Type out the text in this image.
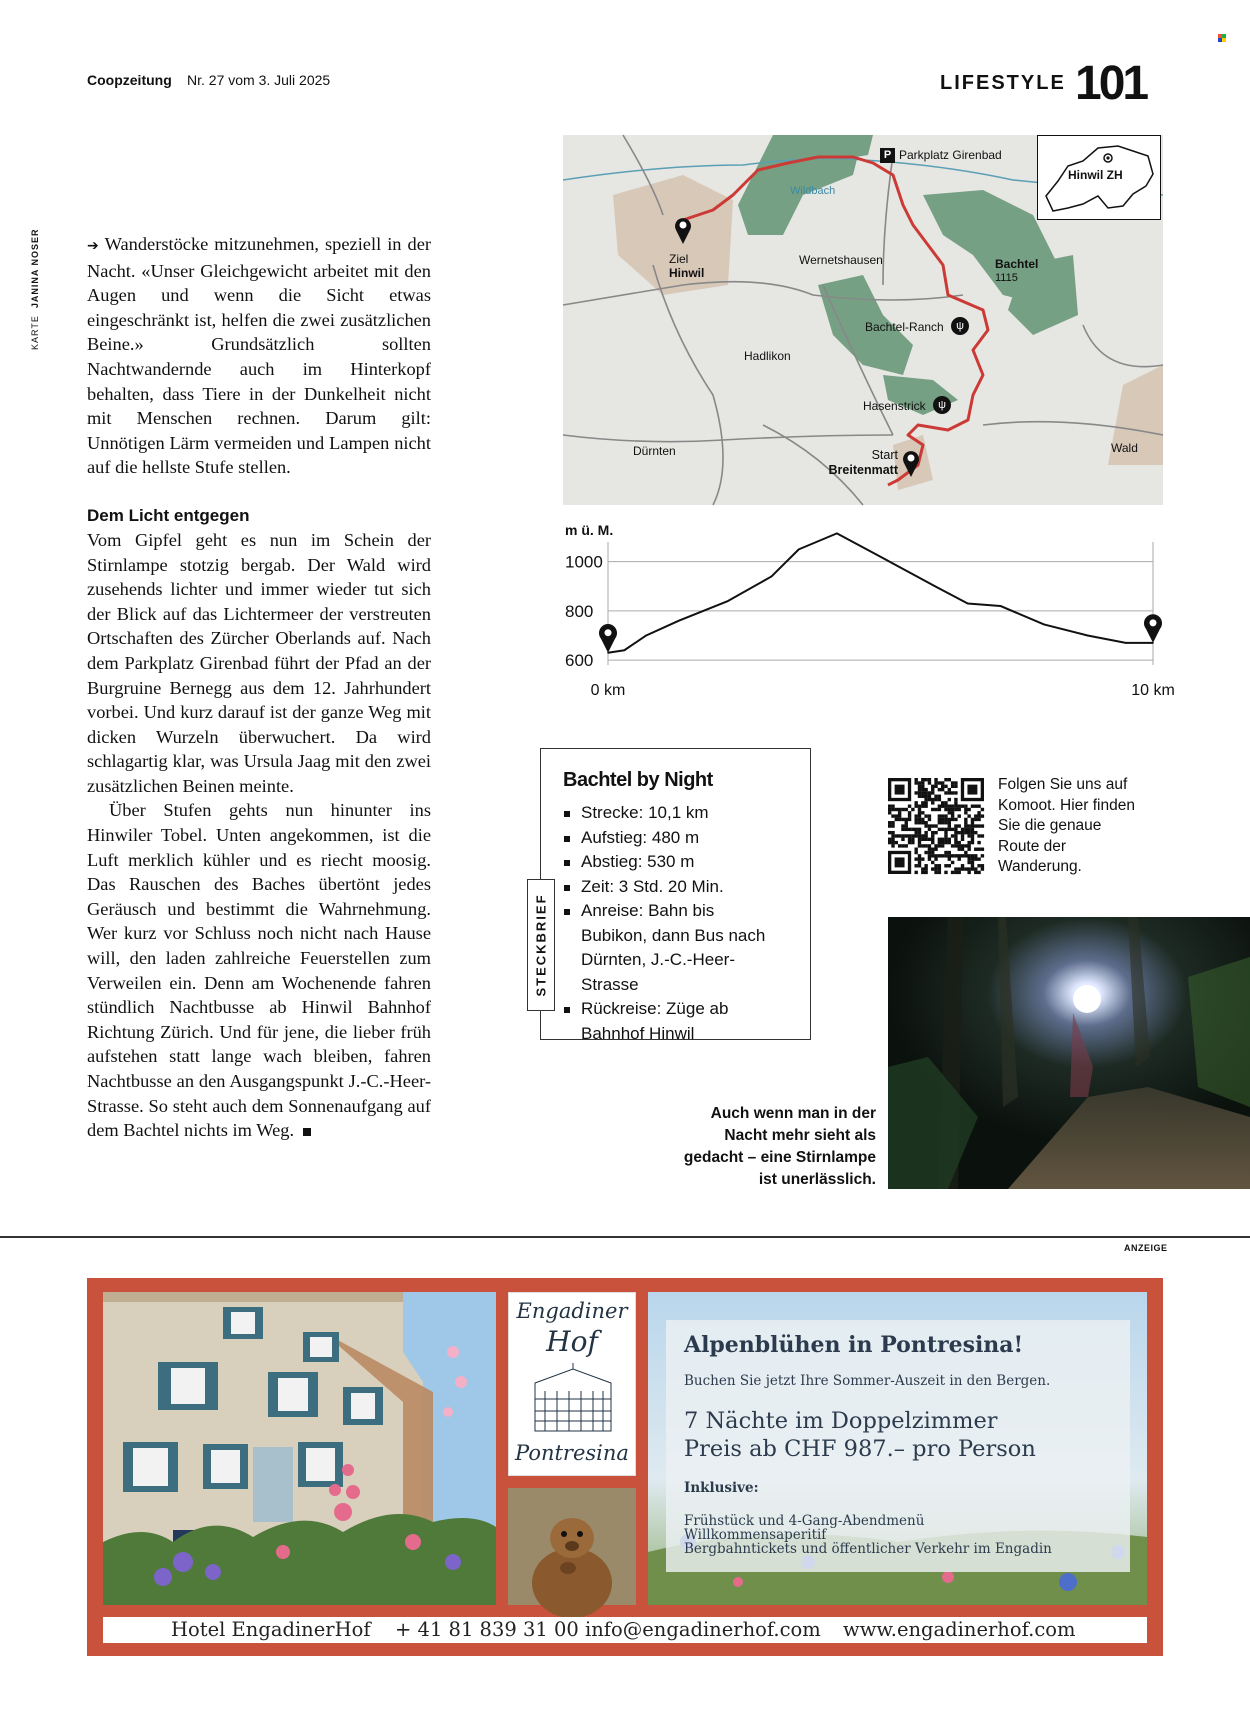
Coopzeitung Nr. 27 vom 3. Juli 2025	LIFESTYLE 101
KARTE  JANINA NOSER	➔ Wanderstöcke mitzunehmen, speziell in der Nacht. «Unser Gleichgewicht arbeitet mit den Augen und wenn die Sicht etwas eingeschränkt ist, helfen die zwei zusätzlichen Beine.» Grundsätzlich sollten Nachtwandernde auch im Hinterkopf behalten, dass Tiere in der Dunkelheit nicht mit Menschen rechnen. Darum gilt: Unnötigen Lärm vermeiden und Lampen nicht auf die hellste Stufe stellen.

Dem Licht entgegen

Vom Gipfel geht es nun im Schein der Stirnlampe stotzig bergab. Der Wald wird zusehends lichter und immer wieder tut sich der Blick auf das Lichtermeer der verstreuten Ortschaften des Zürcher Oberlands auf. Nach dem Parkplatz Girenbad führt der Pfad an der Burgruine Bernegg aus dem 12. Jahrhundert vorbei. Und kurz darauf ist der ganze Weg mit dicken Wurzeln überwuchert. Da wird schlagartig klar, was Ursula Jaag mit den zwei zusätzlichen Beinen meinte.

Über Stufen gehts nun hinunter ins Hinwiler Tobel. Unten angekommen, ist die Luft merklich kühler und es riecht moosig. Das Rauschen des Baches übertönt jedes Geräusch und bestimmt die Wahrnehmung. Wer kurz vor Schluss noch nicht nach Hause will, den laden zahlreiche Feuerstellen zum Verweilen ein. Denn am Wochenende fahren stündlich Nachtbusse ab Hinwil Bahnhof Richtung Zürich. Und für jene, die lieber früh aufstehen statt lange wach bleiben, fahren Nachtbusse an den Ausgangspunkt J.-C.-Heer-Strasse. So steht auch dem Sonnenaufgang auf dem Bachtel nichts im Weg.

P Parkplatz Girenbad
Wildbach
Hinwil ZH
Ziel
Hinwil
Wernetshausen	Bachtel
1115
Bachtel-Ranch	ψ
Hadlikon
Hasenstrick	ψ
Dürnten	Wald
Start
Breitenmatt
m ü. M.
1000
800
600
0 km	10 km
Bachtel by Night
Strecke: 10,1 km
Aufstieg: 480 m
Abstieg: 530 m
Zeit: 3 Std. 20 Min.
Anreise: Bahn bis Bubikon, dann Bus nach Dürnten, J.-C.-Heer-Strasse
Rückreise: Züge ab Bahnhof Hinwil
STECKBRIEF
Folgen Sie uns auf Komoot. Hier finden Sie die genaue Route der Wanderung.
Auch wenn man in der Nacht mehr sieht als gedacht – eine Stirnlampe ist unerlässlich.
ANZEIGE
Engadiner
Hof
Pontresina
Alpenblühen in Pontresina!
Buchen Sie jetzt Ihre Sommer-Auszeit in den Bergen.
7 Nächte im Doppelzimmer
Preis ab CHF 987.– pro Person
Inklusive:
Frühstück und 4-Gang-Abendmenü
Willkommensaperitif
Bergbahntickets und öffentlicher Verkehr im Engadin
Hotel EngadinerHof + 41 81 839 31 00 info@engadinerhof.com www.engadinerhof.com
